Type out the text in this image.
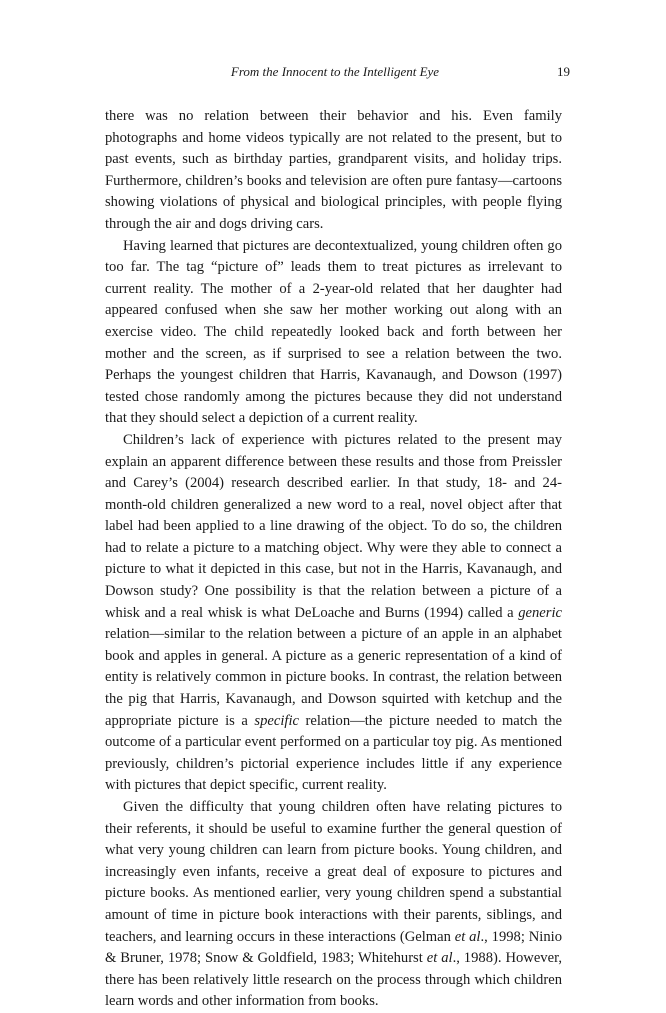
From the Innocent to the Intelligent Eye	19

there was no relation between their behavior and his. Even family photographs and home videos typically are not related to the present, but to past events, such as birthday parties, grandparent visits, and holiday trips. Furthermore, children’s books and television are often pure fantasy—cartoons showing violations of physical and biological principles, with people flying through the air and dogs driving cars.

Having learned that pictures are decontextualized, young children often go too far. The tag “picture of” leads them to treat pictures as irrelevant to current reality. The mother of a 2-year-old related that her daughter had appeared confused when she saw her mother working out along with an exercise video. The child repeatedly looked back and forth between her mother and the screen, as if surprised to see a relation between the two. Perhaps the youngest children that Harris, Kavanaugh, and Dowson (1997) tested chose randomly among the pictures because they did not understand that they should select a depiction of a current reality.

Children’s lack of experience with pictures related to the present may explain an apparent difference between these results and those from Preissler and Carey’s (2004) research described earlier. In that study, 18- and 24-month-old children generalized a new word to a real, novel object after that label had been applied to a line drawing of the object. To do so, the children had to relate a picture to a matching object. Why were they able to connect a picture to what it depicted in this case, but not in the Harris, Kavanaugh, and Dowson study? One possibility is that the relation between a picture of a whisk and a real whisk is what DeLoache and Burns (1994) called a generic relation—similar to the relation between a picture of an apple in an alphabet book and apples in general. A picture as a generic representation of a kind of entity is relatively common in picture books. In contrast, the relation between the pig that Harris, Kavanaugh, and Dowson squirted with ketchup and the appropriate picture is a specific relation—the picture needed to match the outcome of a particular event performed on a particular toy pig. As mentioned previously, children’s pictorial experience includes little if any experience with pictures that depict specific, current reality.

Given the difficulty that young children often have relating pictures to their referents, it should be useful to examine further the general question of what very young children can learn from picture books. Young children, and increasingly even infants, receive a great deal of exposure to pictures and picture books. As mentioned earlier, very young children spend a substantial amount of time in picture book interactions with their parents, siblings, and teachers, and learning occurs in these interactions (Gelman et al., 1998; Ninio & Bruner, 1978; Snow & Goldfield, 1983; Whitehurst et al., 1988). However, there has been relatively little research on the process through which children learn words and other information from books.
